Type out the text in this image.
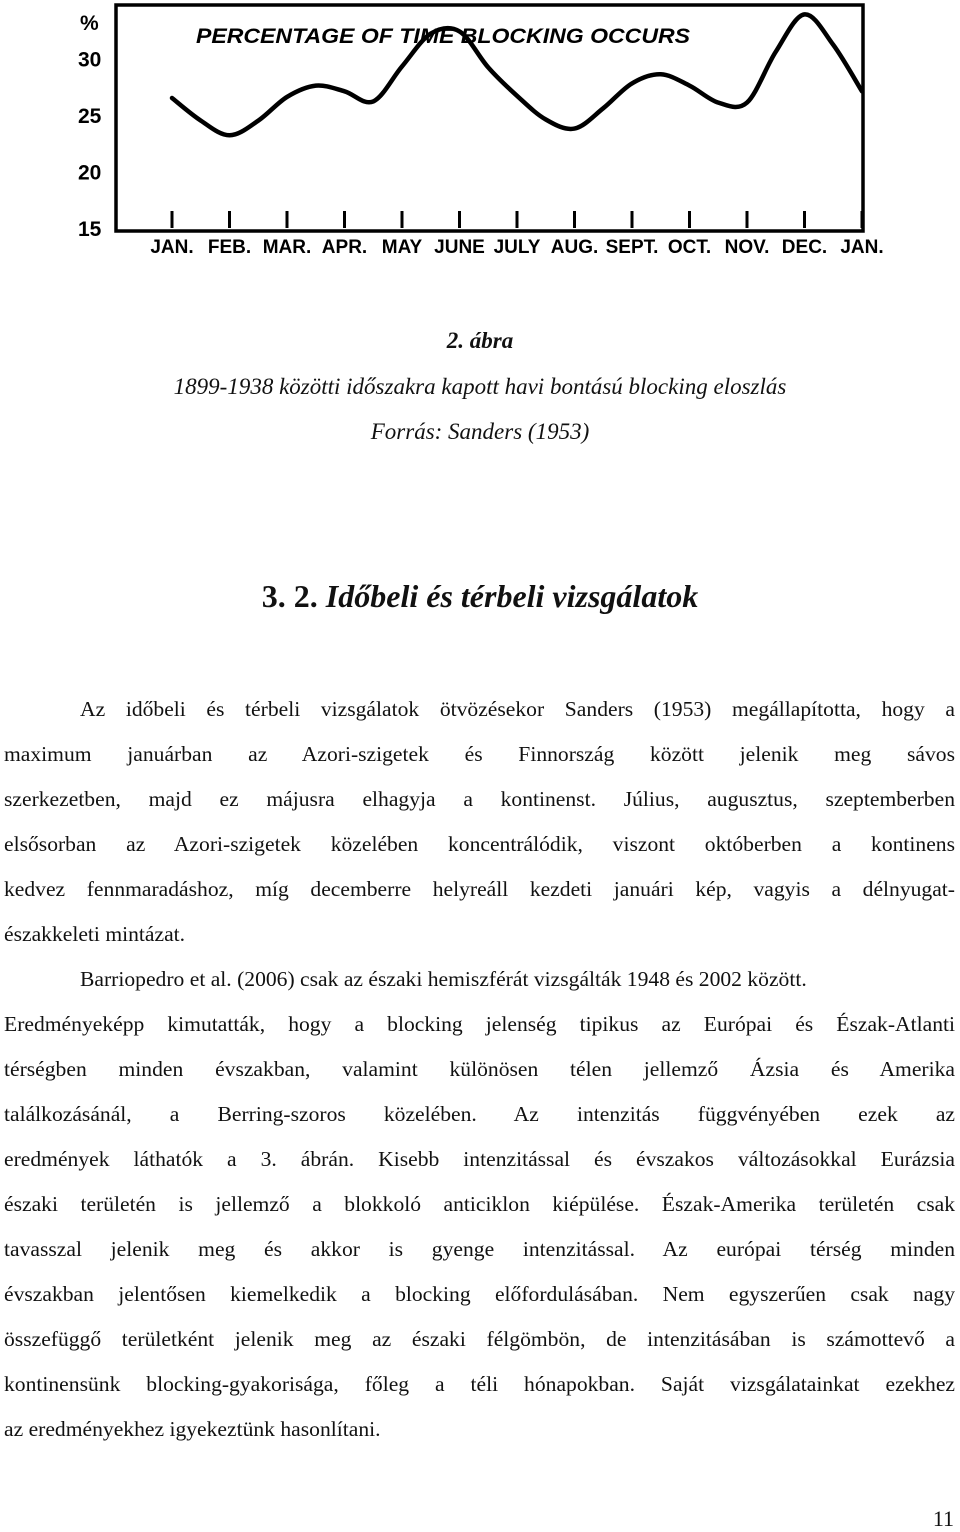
%
PERCENTAGE OF TIME BLOCKING OCCURS
30
25
20
15
JAN. FEB. MAR. APR. MAY JUNE JULY AUG. SEPT. OCT. NOV. DEC. JAN.
2. ábra
1899-1938 közötti időszakra kapott havi bontású blocking eloszlás
Forrás: Sanders (1953)
3. 2. Időbeli és térbeli vizsgálatok
Az időbeli és térbeli vizsgálatok ötvözésekor Sanders (1953) megállapította, hogy a
maximum januárban az Azori-szigetek és Finnország között jelenik meg sávos
szerkezetben, majd ez májusra elhagyja a kontinenst. Július, augusztus, szeptemberben
elsősorban az Azori-szigetek közelében koncentrálódik, viszont októberben a kontinens
kedvez fennmaradáshoz, míg decemberre helyreáll kezdeti januári kép, vagyis a délnyugat-
északkeleti mintázat.
Barriopedro et al. (2006) csak az északi hemiszférát vizsgálták 1948 és 2002 között.
Eredményeképp kimutatták, hogy a blocking jelenség tipikus az Európai és Észak-Atlanti
térségben minden évszakban, valamint különösen télen jellemző Ázsia és Amerika
találkozásánál, a Berring-szoros közelében. Az intenzitás függvényében ezek az
eredmények láthatók a 3. ábrán. Kisebb intenzitással és évszakos változásokkal Eurázsia
északi területén is jellemző a blokkoló anticiklon kiépülése. Észak-Amerika területén csak
tavasszal jelenik meg és akkor is gyenge intenzitással. Az európai térség minden
évszakban jelentősen kiemelkedik a blocking előfordulásában. Nem egyszerűen csak nagy
összefüggő területként jelenik meg az északi félgömbön, de intenzitásában is számottevő a
kontinensünk blocking-gyakorisága, főleg a téli hónapokban. Saját vizsgálatainkat ezekhez
az eredményekhez igyekeztünk hasonlítani.
11
